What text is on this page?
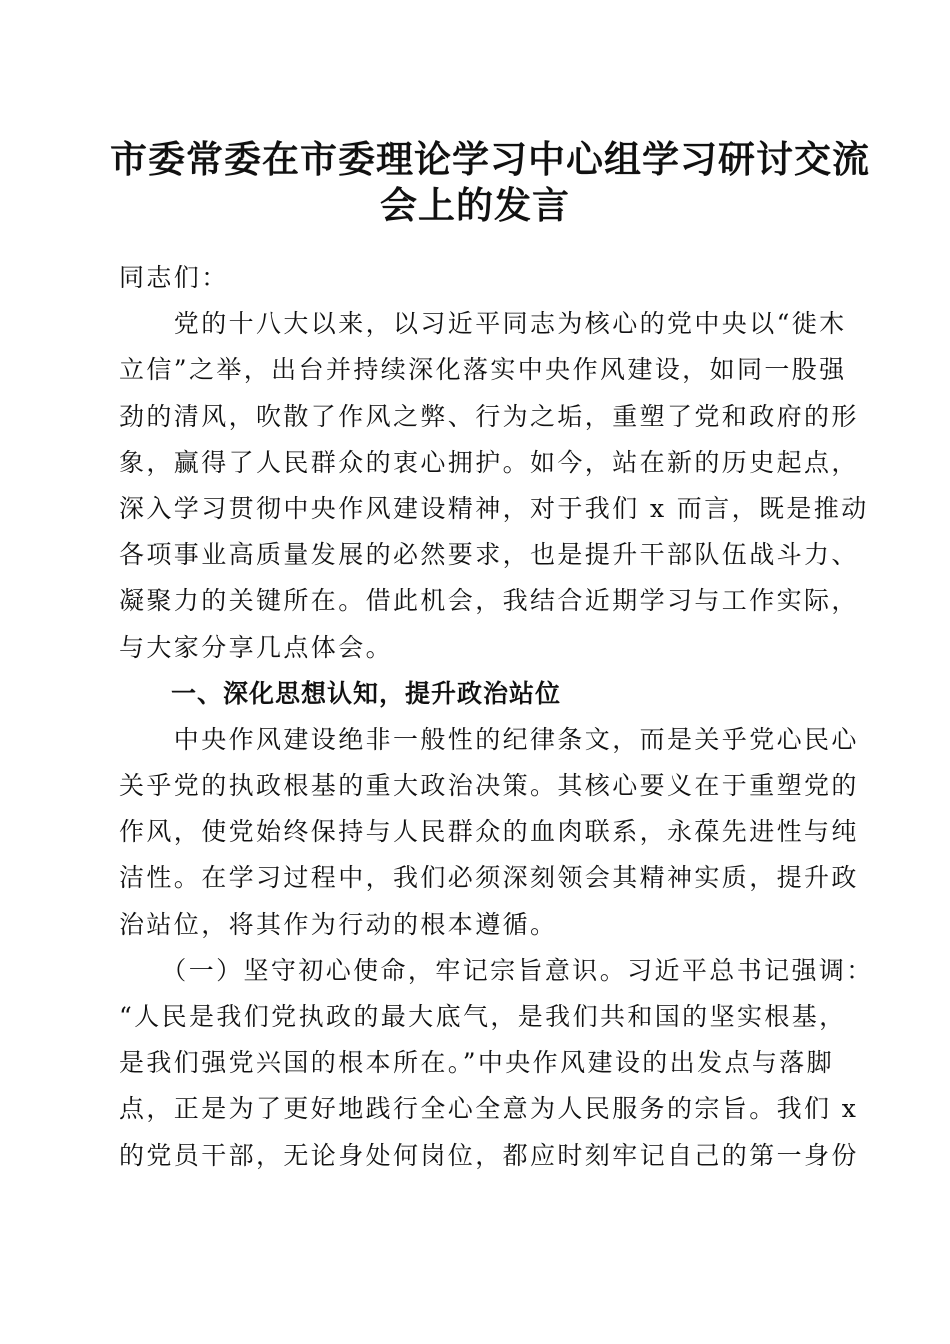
市委常委在市委理论学习中心组学习研讨交流
会上的发言
同志们：
　　党的十八大以来，以习近平同志为核心的党中央以“徙木
立信”之举，出台并持续深化落实中央作风建设，如同一股强
劲的清风，吹散了作风之弊、行为之垢，重塑了党和政府的形
象，赢得了人民群众的衷心拥护。如今，站在新的历史起点，
深入学习贯彻中央作风建设精神，对于我们 x 而言，既是推动
各项事业高质量发展的必然要求，也是提升干部队伍战斗力、
凝聚力的关键所在。借此机会，我结合近期学习与工作实际，
与大家分享几点体会。
　　一、深化思想认知，提升政治站位
　　中央作风建设绝非一般性的纪律条文，而是关乎党心民心
关乎党的执政根基的重大政治决策。其核心要义在于重塑党的
作风，使党始终保持与人民群众的血肉联系，永葆先进性与纯
洁性。在学习过程中，我们必须深刻领会其精神实质，提升政
治站位，将其作为行动的根本遵循。
　　（一）坚守初心使命，牢记宗旨意识。习近平总书记强调：
“人民是我们党执政的最大底气，是我们共和国的坚实根基，
是我们强党兴国的根本所在。”中央作风建设的出发点与落脚
点，正是为了更好地践行全心全意为人民服务的宗旨。我们 x
的党员干部，无论身处何岗位，都应时刻牢记自己的第一身份
